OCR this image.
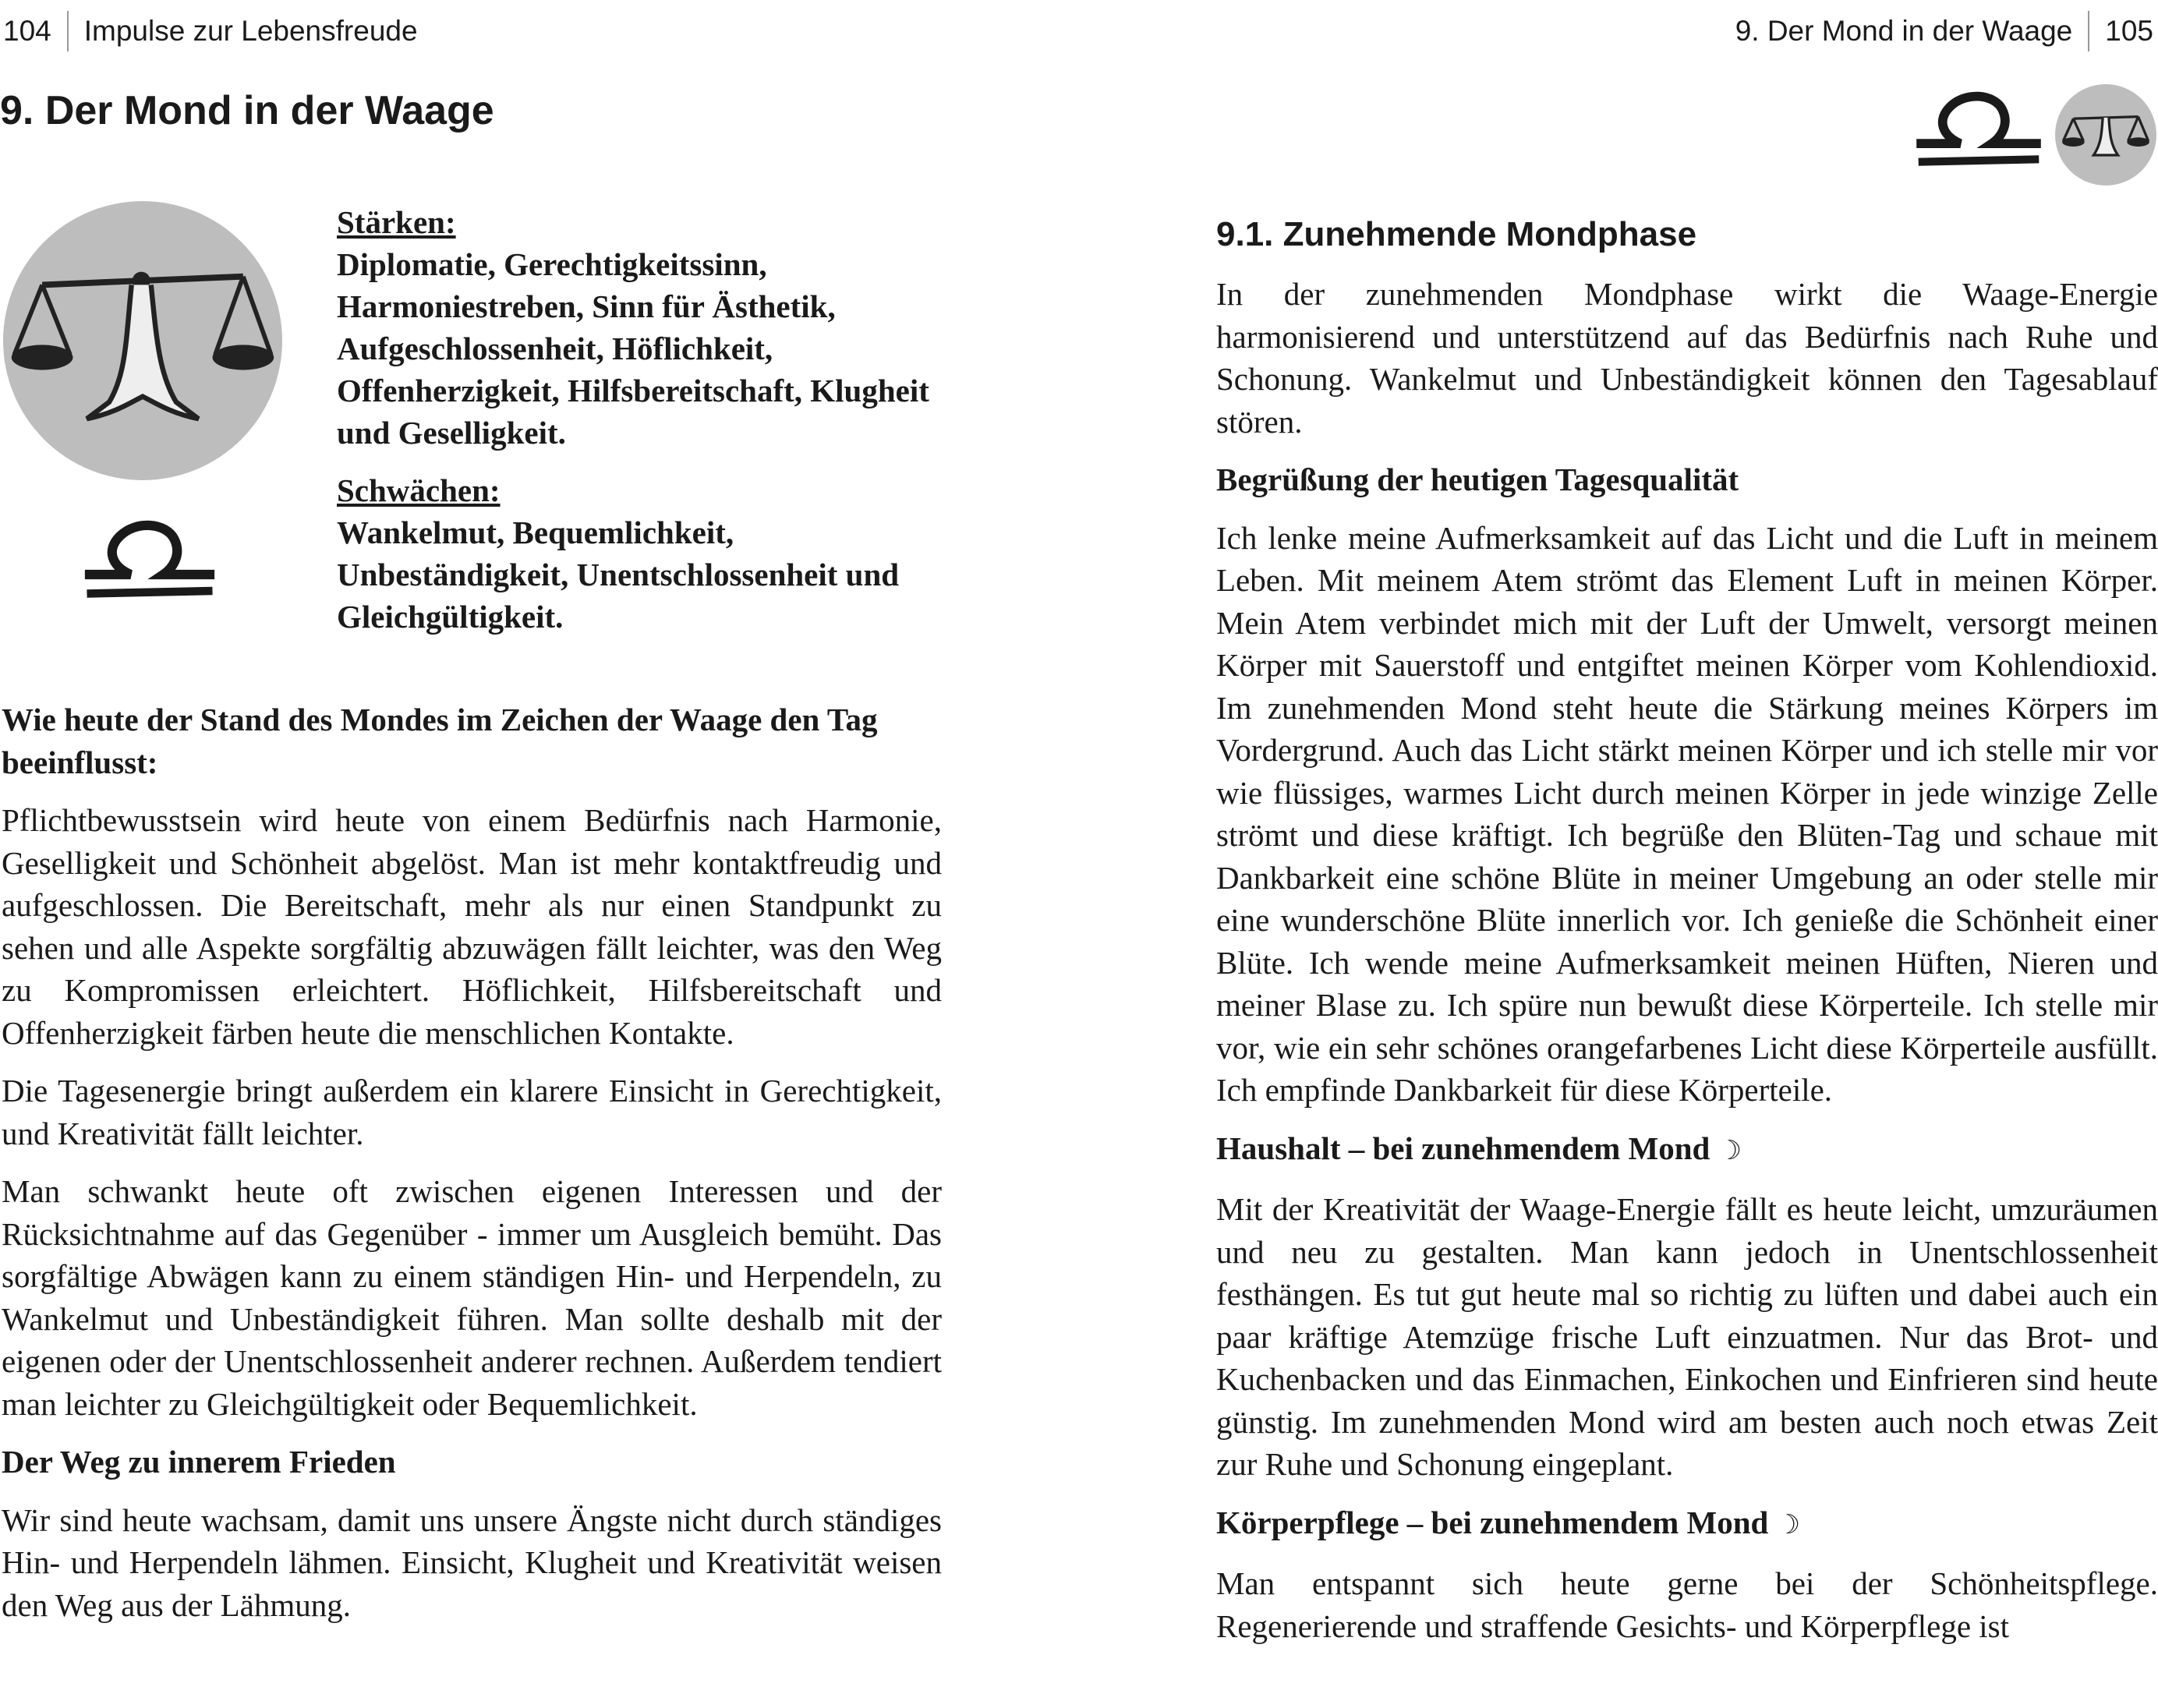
104	Impulse zur Lebensfreude
9. Der Mond in der Waage

Stärken:

Diplomatie, Gerechtigkeitssinn, Harmoniestreben, Sinn für Ästhetik, Aufgeschlossenheit, Höflichkeit, Offenherzigkeit, Hilfsbereitschaft, Klugheit und Geselligkeit.

Schwächen:

Wankelmut, Bequemlichkeit, Unbeständigkeit, Unentschlossenheit und Gleichgültigkeit.

Wie heute der Stand des Mondes im Zeichen der Waage den Tag beeinflusst:

Pflichtbewusstsein wird heute von einem Bedürfnis nach Harmonie, Geselligkeit und Schönheit abgelöst. Man ist mehr kontaktfreudig und aufgeschlossen. Die Bereitschaft, mehr als nur einen Standpunkt zu sehen und alle Aspekte sorgfältig abzuwägen fällt leichter, was den Weg zu Kompromissen erleichtert. Höflichkeit, Hilfsbereitschaft und Offenherzigkeit färben heute die menschlichen Kontakte.

Die Tagesenergie bringt außerdem ein klarere Einsicht in Gerechtigkeit, und Kreativität fällt leichter.

Man schwankt heute oft zwischen eigenen Interessen und der Rücksichtnahme auf das Gegenüber - immer um Ausgleich bemüht. Das sorgfältige Abwägen kann zu einem ständigen Hin- und Herpendeln, zu Wankelmut und Unbeständigkeit führen. Man sollte deshalb mit der eigenen oder der Unentschlossenheit anderer rechnen. Außerdem tendiert man leichter zu Gleichgültigkeit oder Bequemlichkeit.

Der Weg zu innerem Frieden

Wir sind heute wachsam, damit uns unsere Ängste nicht durch ständiges Hin- und Herpendeln lähmen. Einsicht, Klugheit und Kreativität weisen den Weg aus der Lähmung.

9. Der Mond in der Waage	105
9.1. Zunehmende Mondphase

In der zunehmenden Mondphase wirkt die Waage-Energie harmonisierend und unterstützend auf das Bedürfnis nach Ruhe und Schonung. Wankelmut und Unbeständigkeit können den Tagesablauf stören.

Begrüßung der heutigen Tagesqualität

Ich lenke meine Aufmerksamkeit auf das Licht und die Luft in meinem Leben. Mit meinem Atem strömt das Element Luft in meinen Körper. Mein Atem verbindet mich mit der Luft der Umwelt, versorgt meinen Körper mit Sauerstoff und entgiftet meinen Körper vom Kohlendioxid. Im zunehmenden Mond steht heute die Stärkung meines Körpers im Vordergrund. Auch das Licht stärkt meinen Körper und ich stelle mir vor wie flüssiges, warmes Licht durch meinen Körper in jede winzige Zelle strömt und diese kräftigt. Ich begrüße den Blüten-Tag und schaue mit Dankbarkeit eine schöne Blüte in meiner Umgebung an oder stelle mir eine wunderschöne Blüte innerlich vor. Ich genieße die Schönheit einer Blüte. Ich wende meine Aufmerksamkeit meinen Hüften, Nieren und meiner Blase zu. Ich spüre nun bewußt diese Körperteile. Ich stelle mir vor, wie ein sehr schönes orangefarbenes Licht diese Körperteile ausfüllt. Ich empfinde Dankbarkeit für diese Körperteile.

Haushalt – bei zunehmendem Mond ☽

Mit der Kreativität der Waage-Energie fällt es heute leicht, umzuräumen und neu zu gestalten. Man kann jedoch in Unentschlossenheit festhängen. Es tut gut heute mal so richtig zu lüften und dabei auch ein paar kräftige Atemzüge frische Luft einzuatmen. Nur das Brot- und Kuchenbacken und das Einmachen, Einkochen und Einfrieren sind heute günstig. Im zunehmenden Mond wird am besten auch noch etwas Zeit zur Ruhe und Schonung eingeplant.

Körperpflege – bei zunehmendem Mond ☽

Man entspannt sich heute gerne bei der Schönheitspflege. Regenerierende und straffende Gesichts- und Körperpflege ist
